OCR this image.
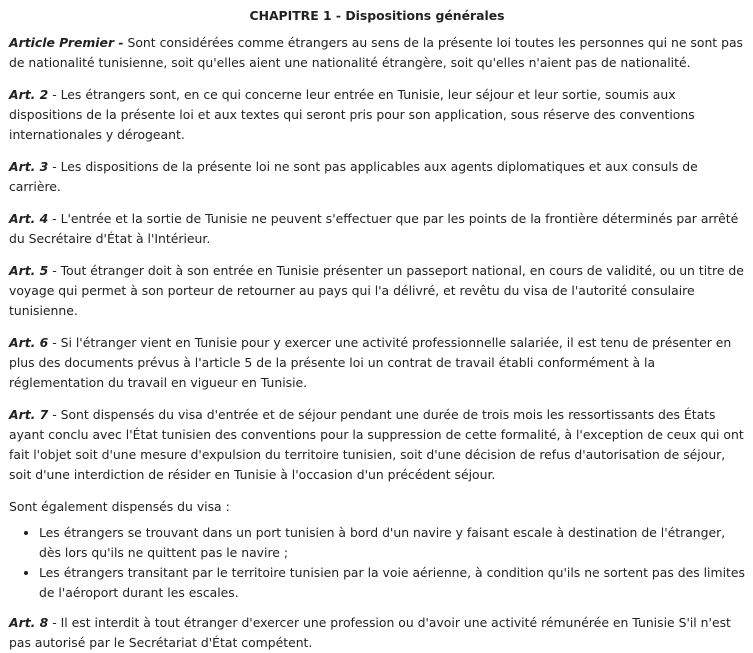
CHAPITRE 1 - Dispositions générales

Article Premier - Sont considérées comme étrangers au sens de la présente loi toutes les personnes qui ne sont pas de nationalité tunisienne, soit qu'elles aient une nationalité étrangère, soit qu'elles n'aient pas de nationalité.

Art. 2 - Les étrangers sont, en ce qui concerne leur entrée en Tunisie, leur séjour et leur sortie, soumis aux dispositions de la présente loi et aux textes qui seront pris pour son application, sous réserve des conventions internationales y dérogeant.

Art. 3 - Les dispositions de la présente loi ne sont pas applicables aux agents diplomatiques et aux consuls de carrière.

Art. 4 - L'entrée et la sortie de Tunisie ne peuvent s'effectuer que par les points de la frontière déterminés par arrêté du Secrétaire d'État à l'Intérieur.

Art. 5 - Tout étranger doit à son entrée en Tunisie présenter un passeport national, en cours de validité, ou un titre de voyage qui permet à son porteur de retourner au pays qui l'a délivré, et revêtu du visa de l'autorité consulaire tunisienne.

Art. 6 - Si l'étranger vient en Tunisie pour y exercer une activité professionnelle salariée, il est tenu de présenter en plus des documents prévus à l'article 5 de la présente loi un contrat de travail établi conformément à la réglementation du travail en vigueur en Tunisie.

Art. 7 - Sont dispensés du visa d'entrée et de séjour pendant une durée de trois mois les ressortissants des États ayant conclu avec l'État tunisien des conventions pour la suppression de cette formalité, à l'exception de ceux qui ont fait l'objet soit d'une mesure d'expulsion du territoire tunisien, soit d'une décision de refus d'autorisation de séjour, soit d'une interdiction de résider en Tunisie à l'occasion d'un précédent séjour.

Sont également dispensés du visa :

• Les étrangers se trouvant dans un port tunisien à bord d'un navire y faisant escale à destination de l'étranger, dès lors qu'ils ne quittent pas le navire ;
• Les étrangers transitant par le territoire tunisien par la voie aérienne, à condition qu'ils ne sortent pas des limites de l'aéroport durant les escales.

Art. 8 - Il est interdit à tout étranger d'exercer une profession ou d'avoir une activité rémunérée en Tunisie S'il n'est pas autorisé par le Secrétariat d'État compétent.
